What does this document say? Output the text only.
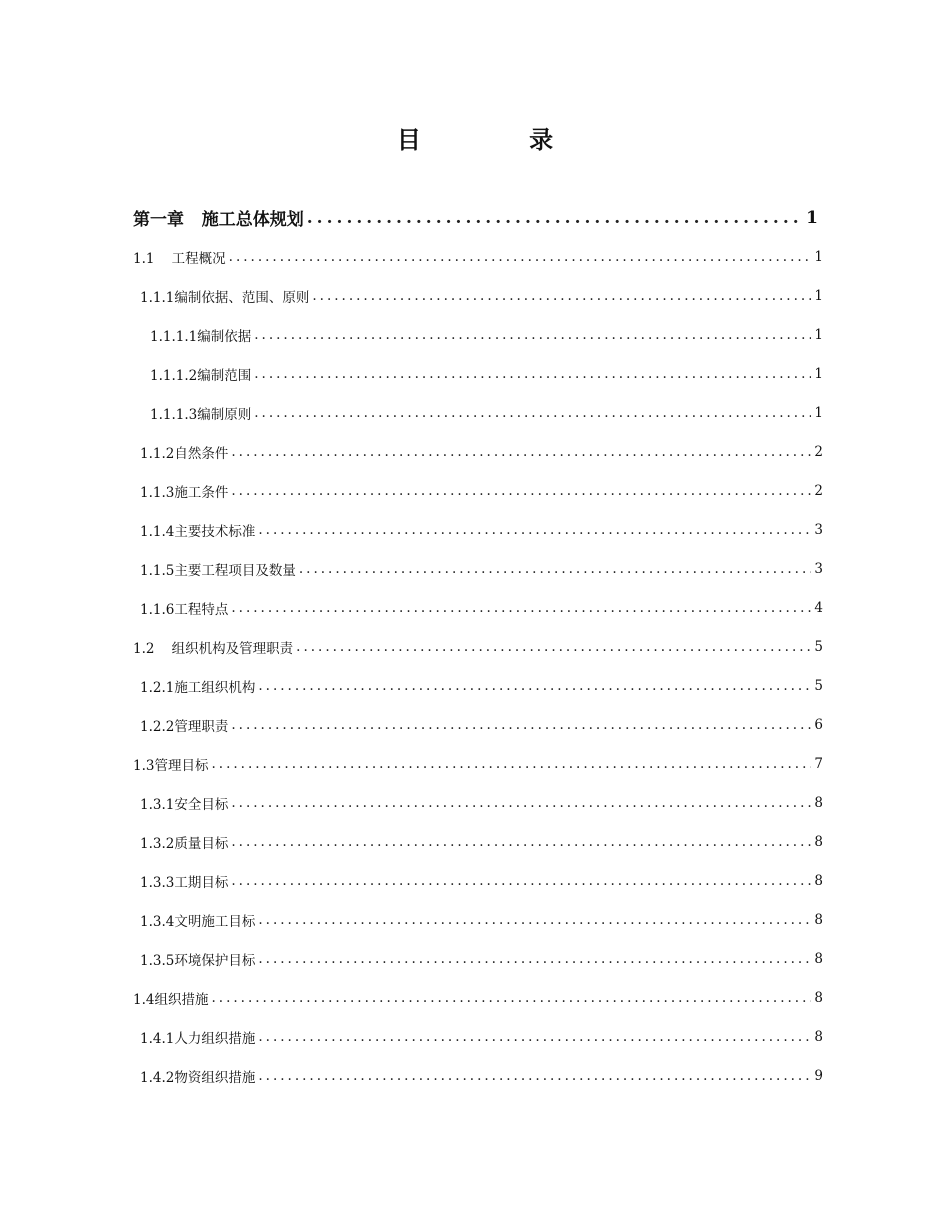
目 录
第一章 施工总体规划 .....	1
1.1 工程概况 .....	1
1.1.1编制依据、范围、原则 .....	1
1.1.1.1编制依据 .....	1
1.1.1.2编制范围 .....	1
1.1.1.3编制原则 .....	1
1.1.2自然条件 .....	2
1.1.3施工条件 .....	2
1.1.4主要技术标准 .....	3
1.1.5主要工程项目及数量 .....	3
1.1.6工程特点 .....	4
1.2 组织机构及管理职责 .....	5
1.2.1施工组织机构 .....	5
1.2.2管理职责 .....	6
1.3管理目标 .....	7
1.3.1安全目标 .....	8
1.3.2质量目标 .....	8
1.3.3工期目标 .....	8
1.3.4文明施工目标 .....	8
1.3.5环境保护目标 .....	8
1.4组织措施 .....	8
1.4.1人力组织措施 .....	8
1.4.2物资组织措施 .....	9
